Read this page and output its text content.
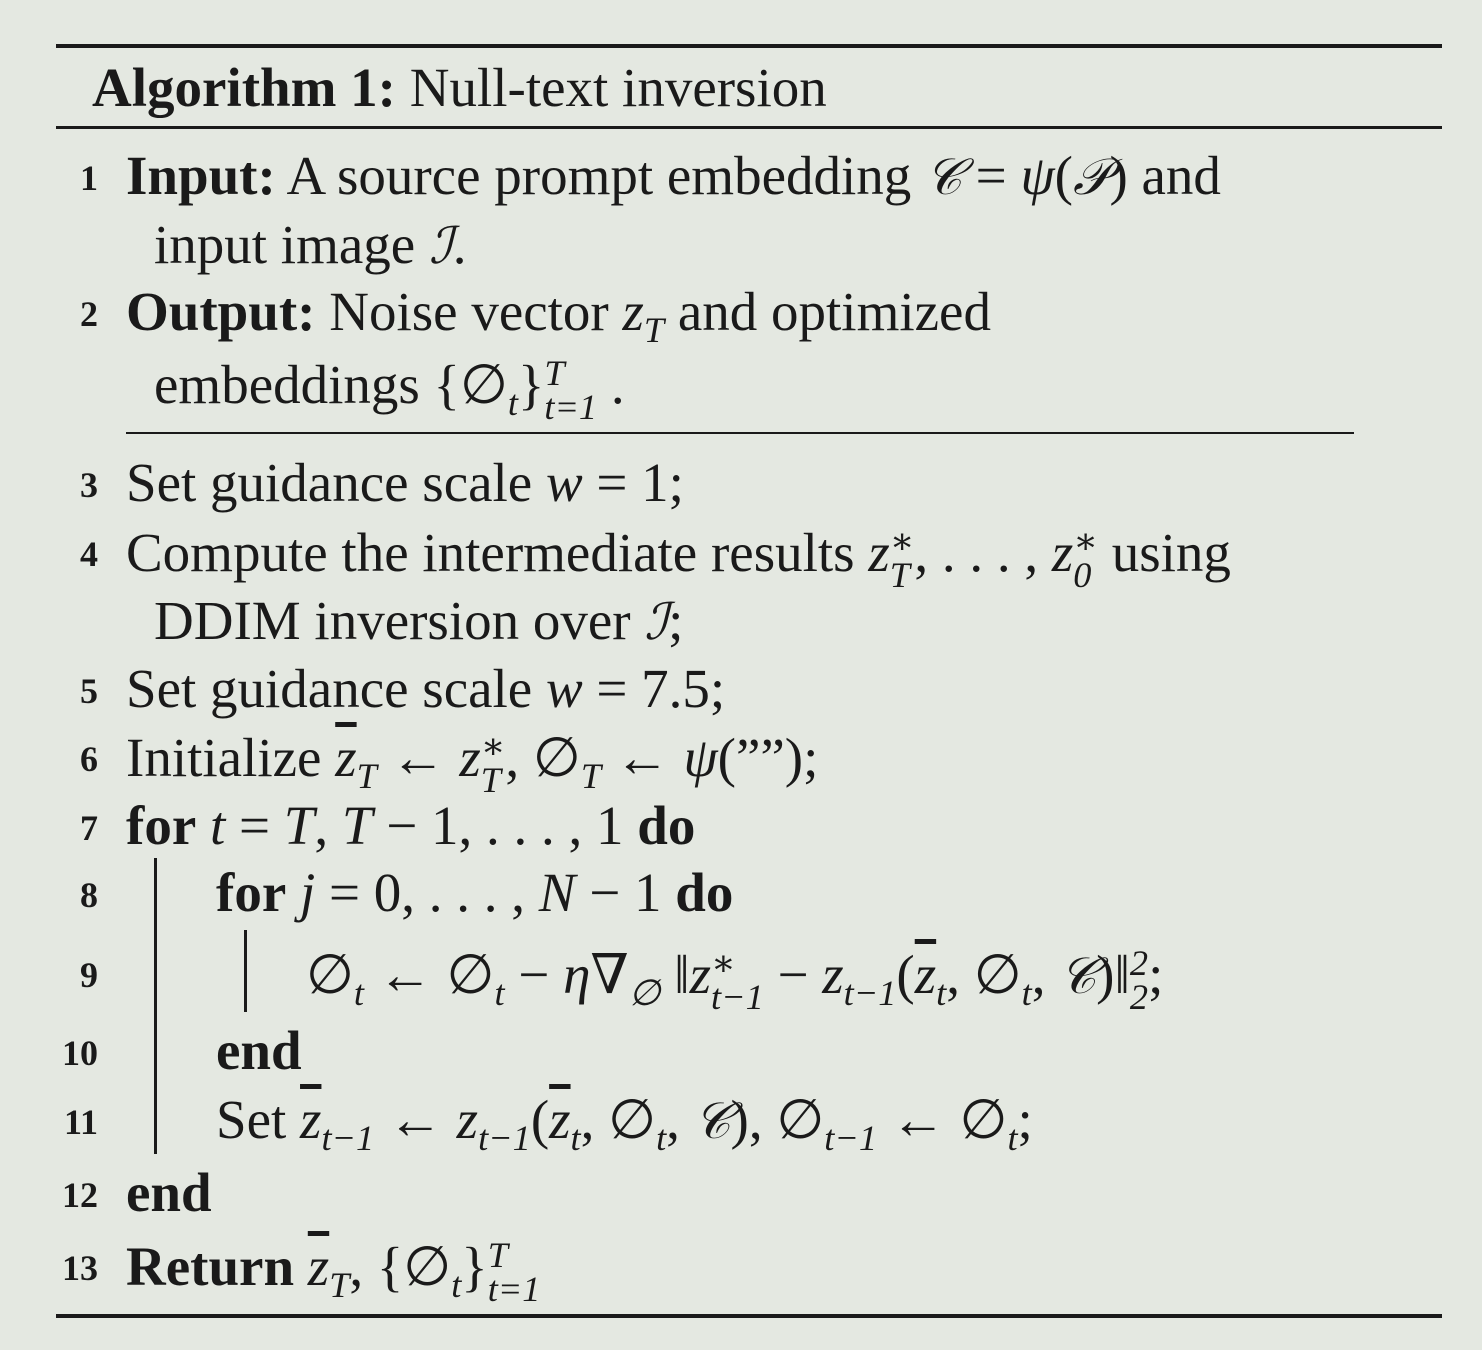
Algorithm 1: Null-text inversion
1
2
3
4
5
6
7
8
9
10
11
12
13
Input: A source prompt embedding 𝒞 = ψ(𝒫) and
input image ℐ.
Output: Noise vector $z_T$ and optimized
embeddings $\{\emptyset_t\}$ T
t=1 .
Set guidance scale w = 1;
Compute the intermediate results z ∗
T , . . . , z ∗
0 using
DDIM inversion over ℐ;
Set guidance scale w = 7.5;
Initialize $\overline{z}_T$ ← z ∗
T , $\emptyset_T$ ← ψ(””);
for t = T, T − 1, . . . , 1 do
for j = 0, . . . , N − 1 do
$\emptyset_t$ ← $\emptyset_t - \eta\nabla_\emptyset$ ‖z ∗
$t-1 - z_{t-1}(\overline{z}_t$, $\emptyset_t$, 𝒞)‖ 2
2 ;
end
Set $\overline{z}_{t-1}$ ← $z_{t-1}(\overline{z}_t$, $\emptyset_t$, 𝒞), $\emptyset_{t-1}$ ← $\emptyset_t$;
end
Return $\overline{z}_T$, $\{\emptyset_t\}$ T
t=1
